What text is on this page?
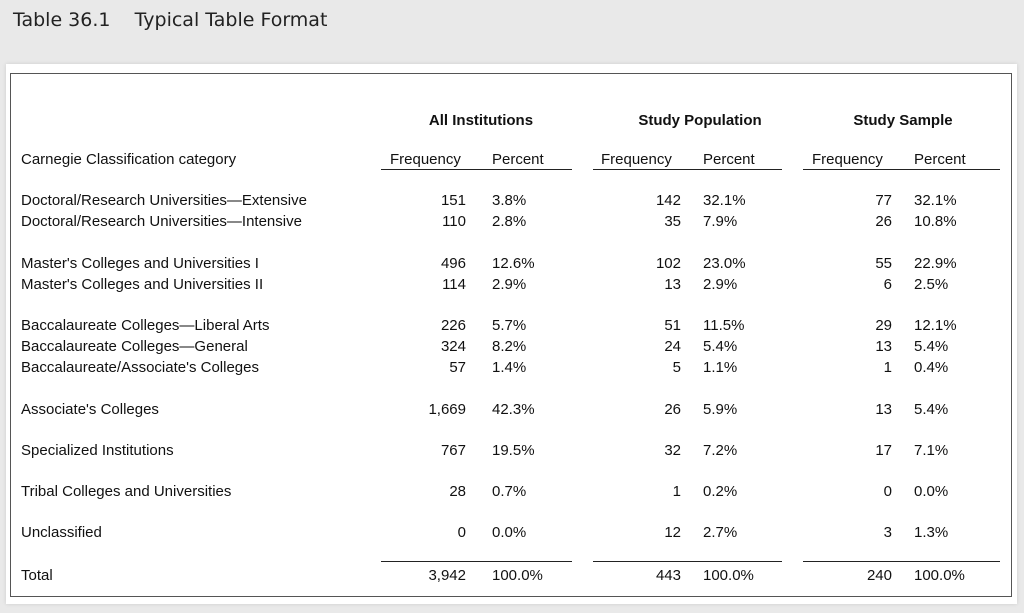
Table 36.1    Typical Table Format
All Institutions	Study Population	Study Sample
Carnegie Classification category	Frequency Percent	Frequency Percent	Frequency Percent
Doctoral/Research Universities—Extensive	151 3.8%	142 32.1%	77 32.1%
Doctoral/Research Universities—Intensive	110 2.8%	35 7.9%	26 10.8%
Master's Colleges and Universities I	496 12.6%	102 23.0%	55 22.9%
Master's Colleges and Universities II	114 2.9%	13 2.9%	6 2.5%
Baccalaureate Colleges—Liberal Arts	226 5.7%	51 11.5%	29 12.1%
Baccalaureate Colleges—General	324 8.2%	24 5.4%	13 5.4%
Baccalaureate/Associate's Colleges	57 1.4%	5 1.1%	1 0.4%
Associate's Colleges	1,669 42.3%	26 5.9%	13 5.4%
Specialized Institutions	767 19.5%	32 7.2%	17 7.1%
Tribal Colleges and Universities	28 0.7%	1 0.2%	0 0.0%
Unclassified	0 0.0%	12 2.7%	3 1.3%
Total	3,942 100.0%	443 100.0%	240 100.0%
